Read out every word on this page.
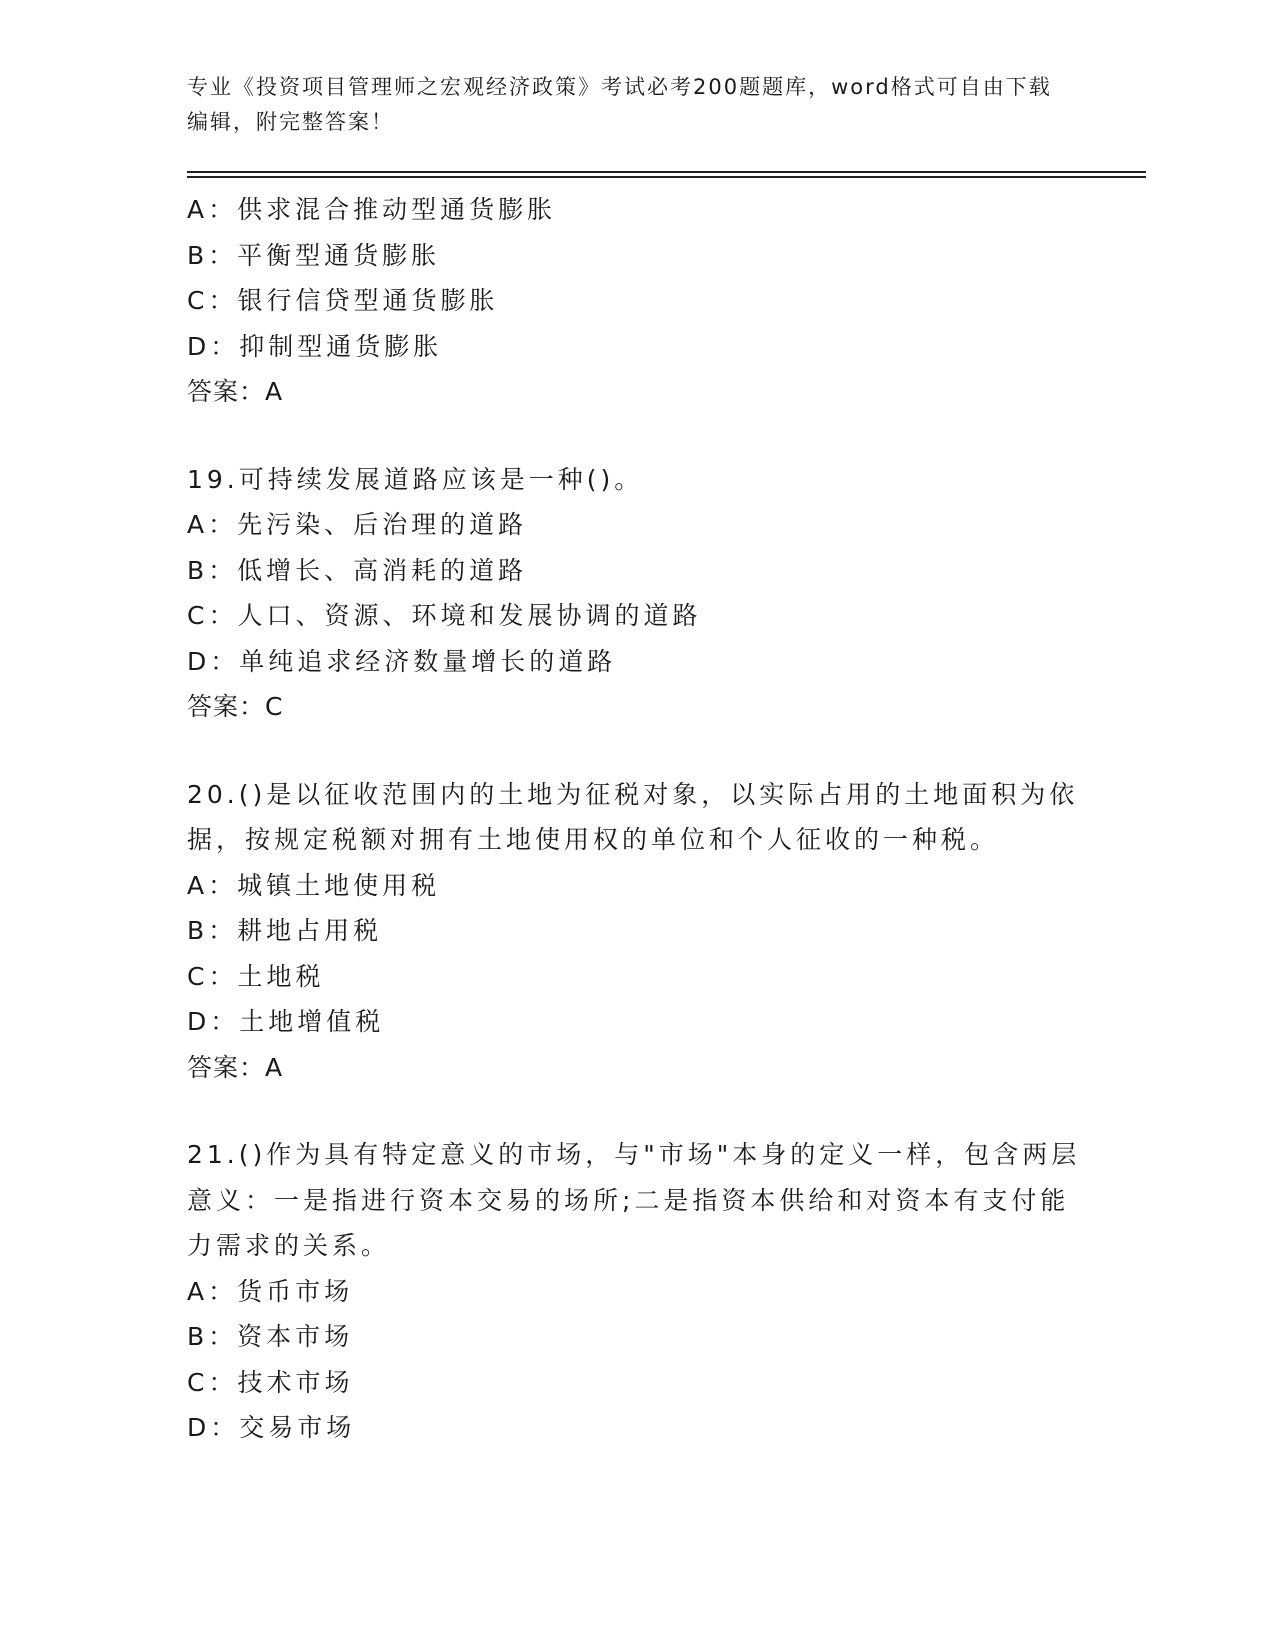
专业《投资项目管理师之宏观经济政策》考试必考200题题库，word格式可自由下载编辑，附完整答案！
A：供求混合推动型通货膨胀
B：平衡型通货膨胀
C：银行信贷型通货膨胀
D：抑制型通货膨胀
答案：A
19.可持续发展道路应该是一种()。
A：先污染、后治理的道路
B：低增长、高消耗的道路
C：人口、资源、环境和发展协调的道路
D：单纯追求经济数量增长的道路
答案：C
20.()是以征收范围内的土地为征税对象，以实际占用的土地面积为依据，按规定税额对拥有土地使用权的单位和个人征收的一种税。
A：城镇土地使用税
B：耕地占用税
C：土地税
D：土地增值税
答案：A
21.()作为具有特定意义的市场，与"市场"本身的定义一样，包含两层意义：一是指进行资本交易的场所;二是指资本供给和对资本有支付能力需求的关系。
A：货币市场
B：资本市场
C：技术市场
D：交易市场
